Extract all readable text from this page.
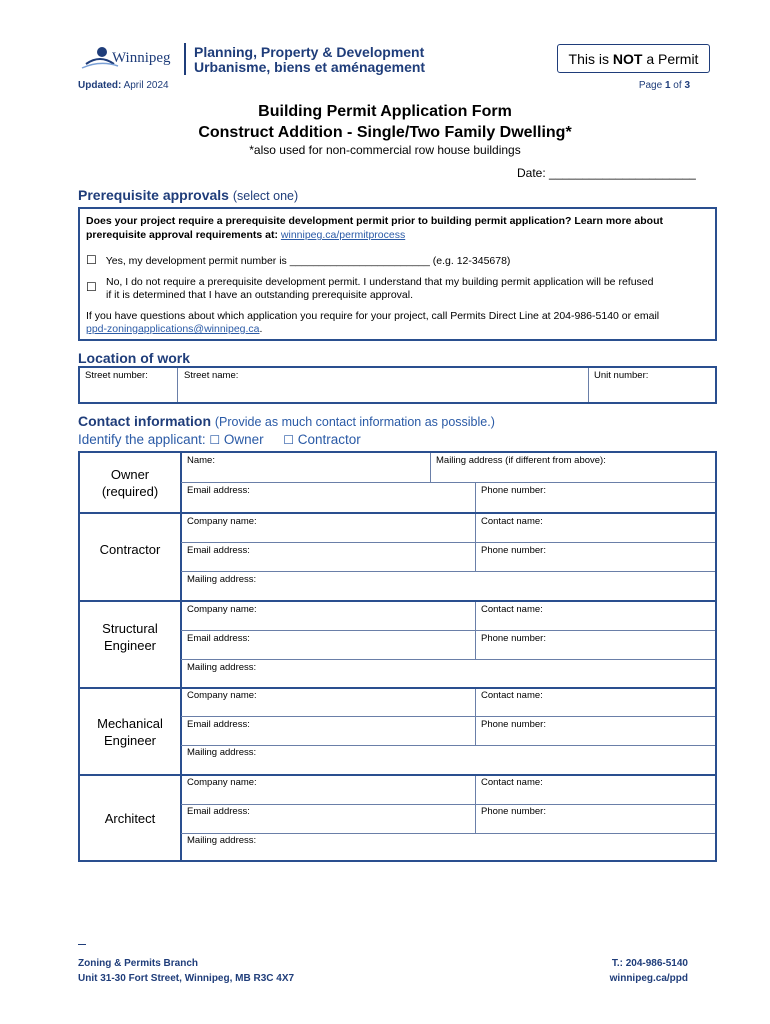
Winnipeg Planning, Property & Development
Urbanisme, biens et aménagement
This is NOT a Permit
Updated: April 2024	Page 1 of 3
Building Permit Application Form
Construct Addition - Single/Two Family Dwelling*
*also used for non-commercial row house buildings
Date: ______________________
Prerequisite approvals (select one)
Does your project require a prerequisite development permit prior to building permit application? Learn more about prerequisite approval requirements at: winnipeg.ca/permitprocess
☐ Yes, my development permit number is ________________________ (e.g. 12-345678)
☐ No, I do not require a prerequisite development permit. I understand that my building permit application will be refused
if it is determined that I have an outstanding prerequisite approval.
If you have questions about which application you require for your project, call Permits Direct Line at 204-986-5140 or email
ppd-zoningapplications@winnipeg.ca.
Location of work
Street number:	Street name:	Unit number:
Contact information (Provide as much contact information as possible.)
Identify the applicant: ☐ Owner ☐ Contractor
Owner
(required)
Name:	Mailing address (if different from above):
Email address:	Phone number:
Contractor
Company name:	Contact name:
Email address:	Phone number:
Mailing address:
Structural
Engineer
Company name:	Contact name:
Email address:	Phone number:
Mailing address:
Mechanical
Engineer
Company name:	Contact name:
Email address:	Phone number:
Mailing address:
Architect
Company name:	Contact name:
Email address:	Phone number:
Mailing address:
Zoning & Permits Branch
Unit 31-30 Fort Street, Winnipeg, MB R3C 4X7
T.: 204-986-5140
winnipeg.ca/ppd
